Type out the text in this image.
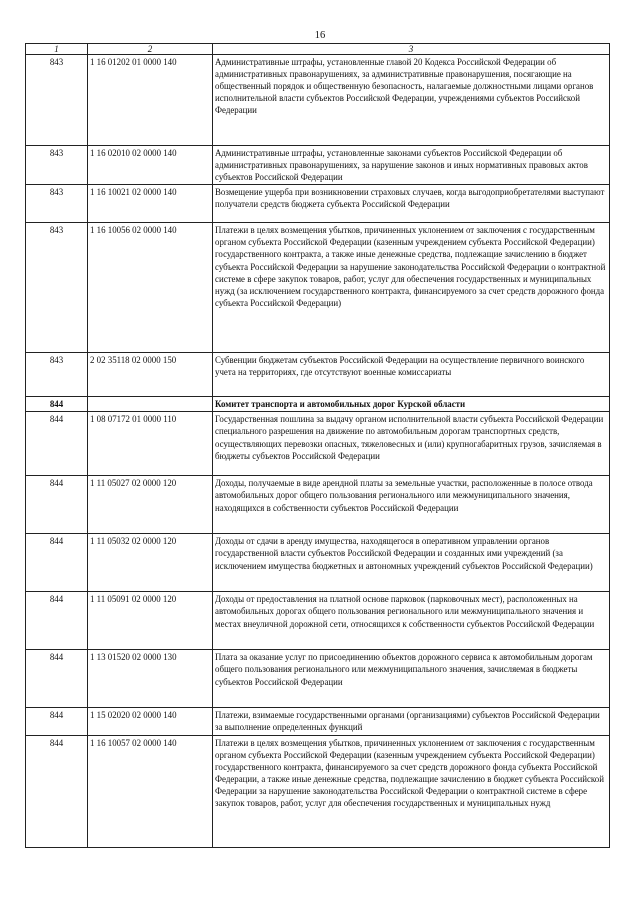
16
1	2	3
843	1 16 01202 01 0000 140	Административные штрафы, установленные главой 20 Кодекса Российской Федерации об административных правонарушениях, за административные правонарушения, посягающие на общественный порядок и общественную безопасность, налагаемые должностными лицами органов исполнительной власти субъектов Российской Федерации, учреждениями субъектов Российской Федерации
843	1 16 02010 02 0000 140	Административные штрафы, установленные законами субъектов Российской Федерации об административных правонарушениях, за нарушение законов и иных нормативных правовых актов субъектов Российской Федерации
843	1 16 10021 02 0000 140	Возмещение ущерба при возникновении страховых случаев, когда выгодоприобретателями выступают получатели средств бюджета субъекта Российской Федерации
843	1 16 10056 02 0000 140	Платежи в целях возмещения убытков, причиненных уклонением от заключения с государственным органом субъекта Российской Федерации (казенным учреждением субъекта Российской Федерации) государственного контракта, а также иные денежные средства, подлежащие зачислению в бюджет субъекта Российской Федерации за нарушение законодательства Российской Федерации о контрактной системе в сфере закупок товаров, работ, услуг для обеспечения государственных и муниципальных нужд (за исключением государственного контракта, финансируемого за счет средств дорожного фонда субъекта Российской Федерации)
843	2 02 35118 02 0000 150	Субвенции бюджетам субъектов Российской Федерации на осуществление первичного воинского учета на территориях, где отсутствуют военные комиссариаты
844		Комитет транспорта и автомобильных дорог Курской области
844	1 08 07172 01 0000 110	Государственная пошлина за выдачу органом исполнительной власти субъекта Российской Федерации специального разрешения на движение по автомобильным дорогам транспортных средств, осуществляющих перевозки опасных, тяжеловесных и (или) крупногабаритных грузов, зачисляемая в бюджеты субъектов Российской Федерации
844	1 11 05027 02 0000 120	Доходы, получаемые в виде арендной платы за земельные участки, расположенные в полосе отвода автомобильных дорог общего пользования регионального или межмуниципального значения, находящихся в собственности субъектов Российской Федерации
844	1 11 05032 02 0000 120	Доходы от сдачи в аренду имущества, находящегося в оперативном управлении органов государственной власти субъектов Российской Федерации и созданных ими учреждений (за исключением имущества бюджетных и автономных учреждений субъектов Российской Федерации)
844	1 11 05091 02 0000 120	Доходы от предоставления на платной основе парковок (парковочных мест), расположенных на автомобильных дорогах общего пользования регионального или межмуниципального значения и местах внеуличной дорожной сети, относящихся к собственности субъектов Российской Федерации
844	1 13 01520 02 0000 130	Плата за оказание услуг по присоединению объектов дорожного сервиса к автомобильным дорогам общего пользования регионального или межмуниципального значения, зачисляемая в бюджеты субъектов Российской Федерации
844	1 15 02020 02 0000 140	Платежи, взимаемые государственными органами (организациями) субъектов Российской Федерации за выполнение определенных функций
844	1 16 10057 02 0000 140	Платежи в целях возмещения убытков, причиненных уклонением от заключения с государственным органом субъекта Российской Федерации (казенным учреждением субъекта Российской Федерации) государственного контракта, финансируемого за счет средств дорожного фонда субъекта Российской Федерации, а также иные денежные средства, подлежащие зачислению в бюджет субъекта Российской Федерации за нарушение законодательства Российской Федерации о контрактной системе в сфере закупок товаров, работ, услуг для обеспечения государственных и муниципальных нужд
